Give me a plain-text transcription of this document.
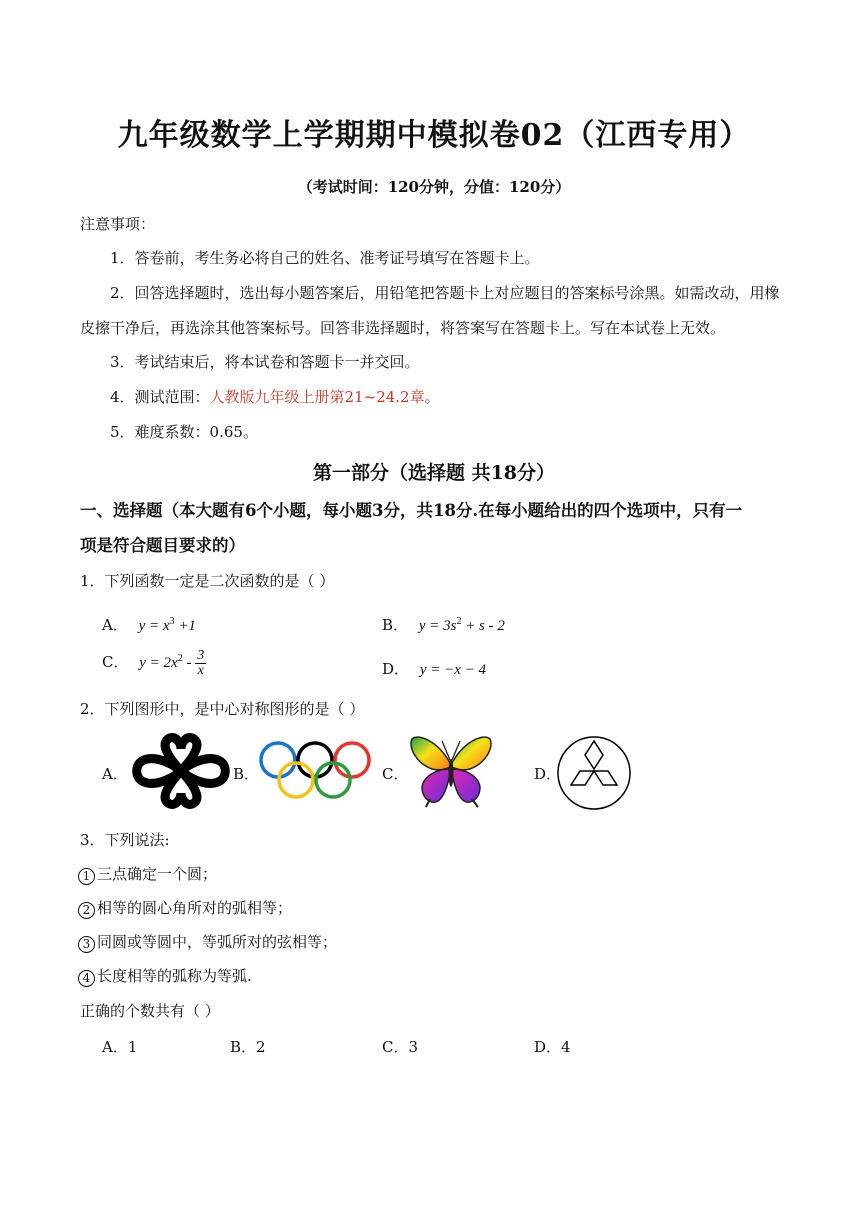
九年级数学上学期期中模拟卷02（江西专用）
（考试时间：120分钟，分值：120分）
注意事项：
1．答卷前，考生务必将自己的姓名、准考证号填写在答题卡上。
2．回答选择题时，选出每小题答案后，用铅笔把答题卡上对应题目的答案标号涂黑。如需改动，用橡
皮擦干净后，再选涂其他答案标号。回答非选择题时，将答案写在答题卡上。写在本试卷上无效。
3．考试结束后，将本试卷和答题卡一并交回。
4．测试范围：人教版九年级上册第21~24.2章。
5．难度系数：0.65。
第一部分（选择题 共18分）
一、选择题（本大题有6个小题，每小题3分，共18分.在每小题给出的四个选项中，只有一
项是符合题目要求的）
1．下列函数一定是二次函数的是（ ）
A． $y = x^3 +1$	B． $y = 3s^2 + s - 2$
C． $y = 2x^2 - \frac{3}{x}$	D． y = −x − 4
2．下列图形中，是中心对称图形的是（ ）
A．	B．	C．	D．
3．下列说法:
1 三点确定一个圆；
2 相等的圆心角所对的弧相等；
3 同圆或等圆中，等弧所对的弦相等；
4 长度相等的弧称为等弧.
正确的个数共有（ ）
A．1	B．2	C．3	D．4
